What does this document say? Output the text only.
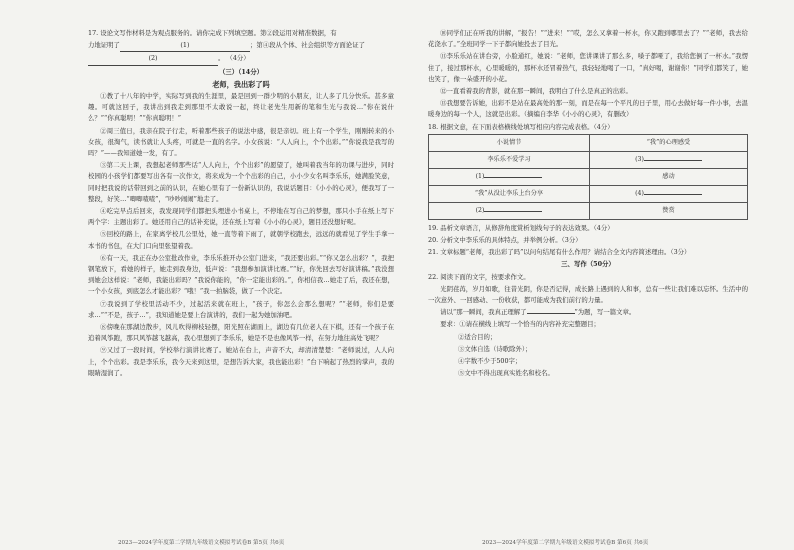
17. 设论文写作材料是为观点服务的。请你完成下列填空题。第②段运用对精准数据，有

力地证明了	(1)	；第④段从个体、社会组织等方面论证了

(2)	。 （4分）

（三）（14分）
老师，我出彩了吗

①教了十八年的中学，实际写到我的生涯里，最是回到一群少明的小朋友，让人多了几分快乐。甚多童趣。可就这回子，我讲出到我走到那里不太敢说一起，终让老先生用新的笔和生光与我说…“你在说什么？”“你真聪明！”“你真聪明！”

②周三值日，我亲在院子行走，听着那些孩子的说法中感，很是亲切。班上有一个学生，刚刚转来的小女孩，很淘气，读书就让人头疼，可就是一直的名字。小女孩说：“人人向上，个个出彩。”“你说我是我写的吗？”——我知道她一发，有了。

③第二天上课，我想起老师那些话“人人向上，个个出彩”的愿望了，她叫着我当年的功课与进步，同时校园的小孩学们都要写出各有一次作文，将来成为一个个出彩的自己，小小少女名叫李乐乐，她满脸笑意，同时把我说的话带回到之前的认识，在她心里有了一份新认识的，我说话题目：《小小的心灵》，便我写了一整段，好笑…“唧唧喳喳”，“吵吵闹闹”地走了。

④吃完早点后回来，我发现同学们都把头埋进小书桌上，不停地在写自己的梦想，那只小手在纸上写下两个字：主题出彩了。她还用自己的话补充说，还在纸上写着《小小的心灵》，题目还没想好呢。

⑤回校的路上，在家离学校几公里处，她一直等着下雨了，就朝学校跑去，远远的就看见了学生手拿一本书的书包，在大门口向里张望着我。

⑥有一天，我正在办公室批改作业，李乐乐推开办公室门进来，“我还要出彩。”“你又怎么出彩？”，我把钢笔放下，看她的样子，她走到我身边，低声说：“我想参加演讲比赛。”“好，你先回去写好演讲稿。”我没想到她会这样说：“老师，我能出彩吗？”我说你能的，“你一定能出彩的。”，你相信我…她走了后，我还在想，一个小女孩，到底怎么才能出彩？“哦！”我一拍脑袋，做了一个决定。

⑦我说到了学校里活动不少，过起活来就在班上，“孩子，你怎么会那么想呢？”“老师，你们是要求…”“不是，孩子…”，我知道她是要上台演讲的，我们一起为她加油吧。

⑧傍晚在那湖边散步，风儿吹得柳枝轻摆，阳光照在湖面上，湖边有几位老人在下棋，还有一个孩子在追着风筝跑，那只风筝越飞越高，我心里想到了李乐乐，她是不是也像风筝一样，在努力地往高处飞呢？

⑨又过了一段时间，学校举行演讲比赛了。她站在台上，声音不大，却清清楚楚：“老师说过，人人向上，个个出彩。我是李乐乐，我今天来到这里，是想告诉大家，我也能出彩！”台下响起了热烈的掌声，我的眼睛湿润了。

2023—2024学年度第二学期九年级语文模拟考试卷B 第5页 共6页

⑩同学们正在听我的讲解，“报告！”“进来！”“哎，怎么又拿着一杯水，你又跑到哪里去了？”“老师，我去给花浇水了。”全班同学一下子都向她投去了目光。

⑪李乐乐站在讲台旁，小脸通红，她说：“老师，您讲课讲了那么多，嗓子都哑了，我给您倒了一杯水。”我愣住了，接过那杯水，心里暖暖的，那杯水还冒着热气，我轻轻地喝了一口，“真好喝，谢谢你！”同学们都笑了，她也笑了，像一朵盛开的小花。

⑫一直看着我的背影，就在那一瞬间，我明白了什么是真正的出彩。

⑬我想要告诉她，出彩不是站在最高处的那一刻，而是在每一个平凡的日子里，用心去做好每一件小事，去温暖身边的每一个人，这就是出彩。（摘编自李华《小小的心灵》，有删改）

18. 根据文意，在下面表格横线处填写相应内容完成表格。（4分）

小说情节	“我”的心理感受
李乐乐不爱学习	(3)
(1)	感动
“我”从没让李乐上台分享	(4)
(2)	赞赏

19. 品析文章语言，从修辞角度赏析划线句子的表达效果。（4分）

20. 分析文中李乐乐的具体特点，并举例分析。（3分）

21. 文章标题“老师，我出彩了吗”以问句结尾有什么作用？请结合全文内容简述理由。（3分）

三、写作（50分）

22. 阅读下面的文字，按要求作文。

光阴荏苒，岁月如歌，往昔光阴，你是否记得，成长路上遇到的人和事，总有一些让我们难以忘怀。生活中的一次意外、一回感动、一份收获，都可能成为我们前行的力量。

请以“那一瞬间，我真正理解了	”为题，写一篇文章。

要求：①请在横线上填写一个恰当的内容补充完整题目；

②适合目的；

③文体自选（诗歌除外）；

④字数不少于500字；

⑤文中不得出现真实姓名和校名。

2023—2024学年度第二学期九年级语文模拟考试卷B 第6页 共6页
